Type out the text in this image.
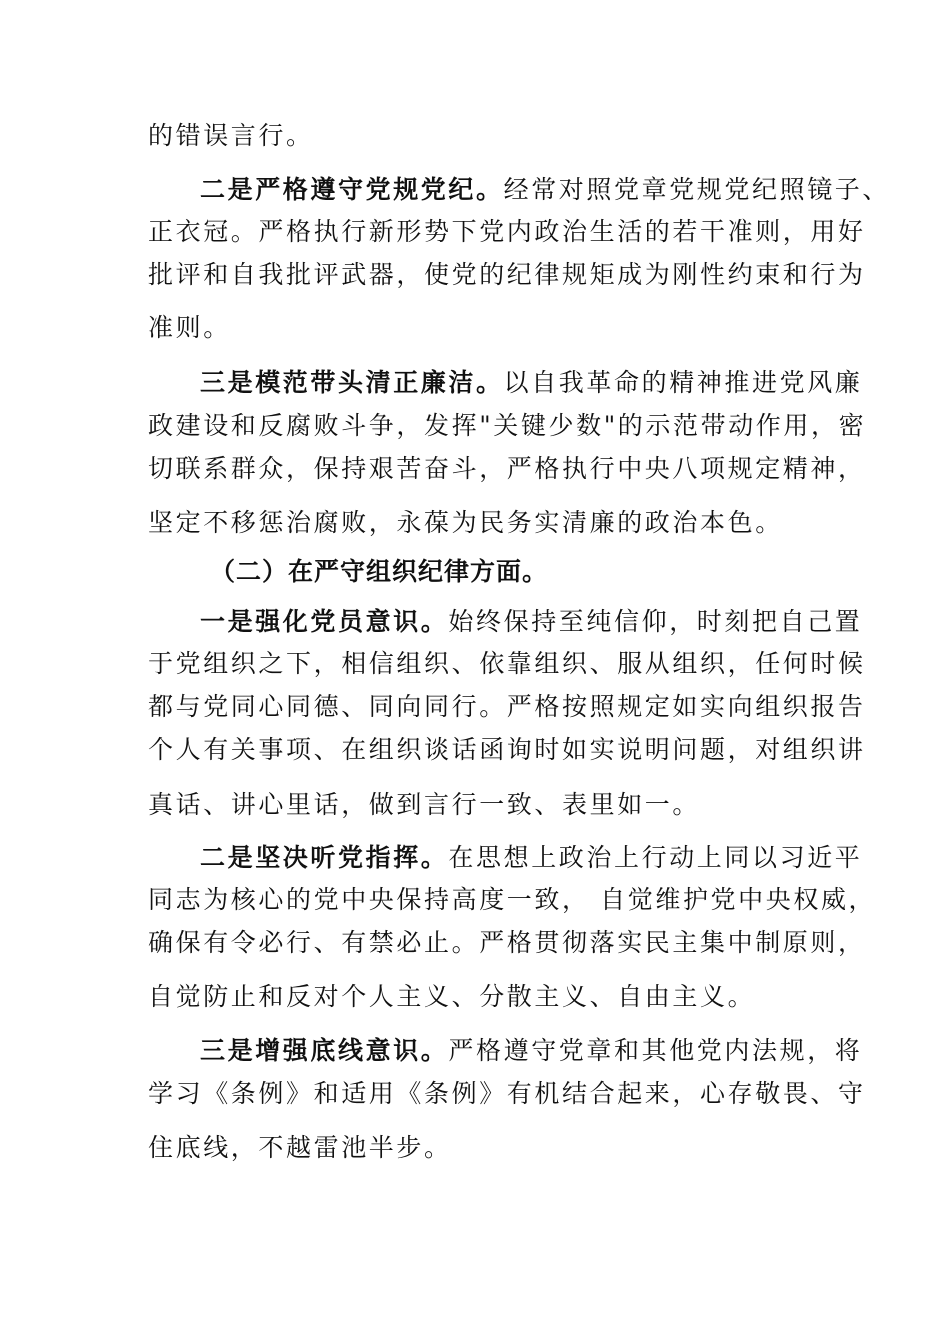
的错误言行。
二是严格遵守党规党纪。经常对照党章党规党纪照镜子、
正衣冠。严格执行新形势下党内政治生活的若干准则，用好
批评和自我批评武器，使党的纪律规矩成为刚性约束和行为
准则。
三是模范带头清正廉洁。以自我革命的精神推进党风廉
政建设和反腐败斗争，发挥"关键少数"的示范带动作用，密
切联系群众，保持艰苦奋斗，严格执行中央八项规定精神，
坚定不移惩治腐败，永葆为民务实清廉的政治本色。
（二）在严守组织纪律方面。
一是强化党员意识。始终保持至纯信仰，时刻把自己置
于党组织之下，相信组织、依靠组织、服从组织，任何时候
都与党同心同德、同向同行。严格按照规定如实向组织报告
个人有关事项、在组织谈话函询时如实说明问题，对组织讲
真话、讲心里话，做到言行一致、表里如一。
二是坚决听党指挥。在思想上政治上行动上同以习近平
同志为核心的党中央保持高度一致， 自觉维护党中央权威，
确保有令必行、有禁必止。严格贯彻落实民主集中制原则，
自觉防止和反对个人主义、分散主义、自由主义。
三是增强底线意识。严格遵守党章和其他党内法规，将
学习《条例》和适用《条例》有机结合起来，心存敬畏、守
住底线，不越雷池半步。
